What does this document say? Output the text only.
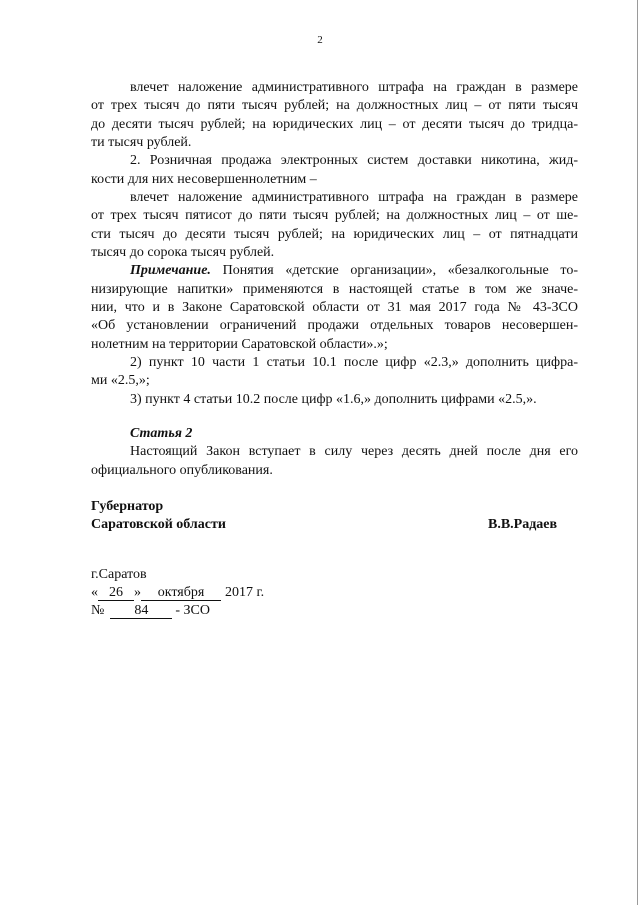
2
влечет наложение административного штрафа на граждан в размере
от трех тысяч до пяти тысяч рублей; на должностных лиц – от пяти тысяч
до десяти тысяч рублей; на юридических лиц – от десяти тысяч до тридца-
ти тысяч рублей.
2. Розничная продажа электронных систем доставки никотина, жид-
кости для них несовершеннолетним –
влечет наложение административного штрафа на граждан в размере
от трех тысяч пятисот до пяти тысяч рублей; на должностных лиц – от ше-
сти тысяч до десяти тысяч рублей; на юридических лиц – от пятнадцати
тысяч до сорока тысяч рублей.
Примечание. Понятия «детские организации», «безалкогольные то-
низирующие напитки» применяются в настоящей статье в том же значе-
нии, что и в Законе Саратовской области от 31 мая 2017 года № 43-ЗСО
«Об установлении ограничений продажи отдельных товаров несовершен-
нолетним на территории Саратовской области».»;
2) пункт 10 части 1 статьи 10.1 после цифр «2.3,» дополнить цифра-
ми «2.5,»;
3) пункт 4 статьи 10.2 после цифр «1.6,» дополнить цифрами «2.5,».
Статья 2
Настоящий Закон вступает в силу через десять дней после дня его
официального опубликования.
Губернатор
Саратовской области	В.В.Радаев
г.Саратов
« 26 » октября 2017 г.
№ 84 - ЗСО
